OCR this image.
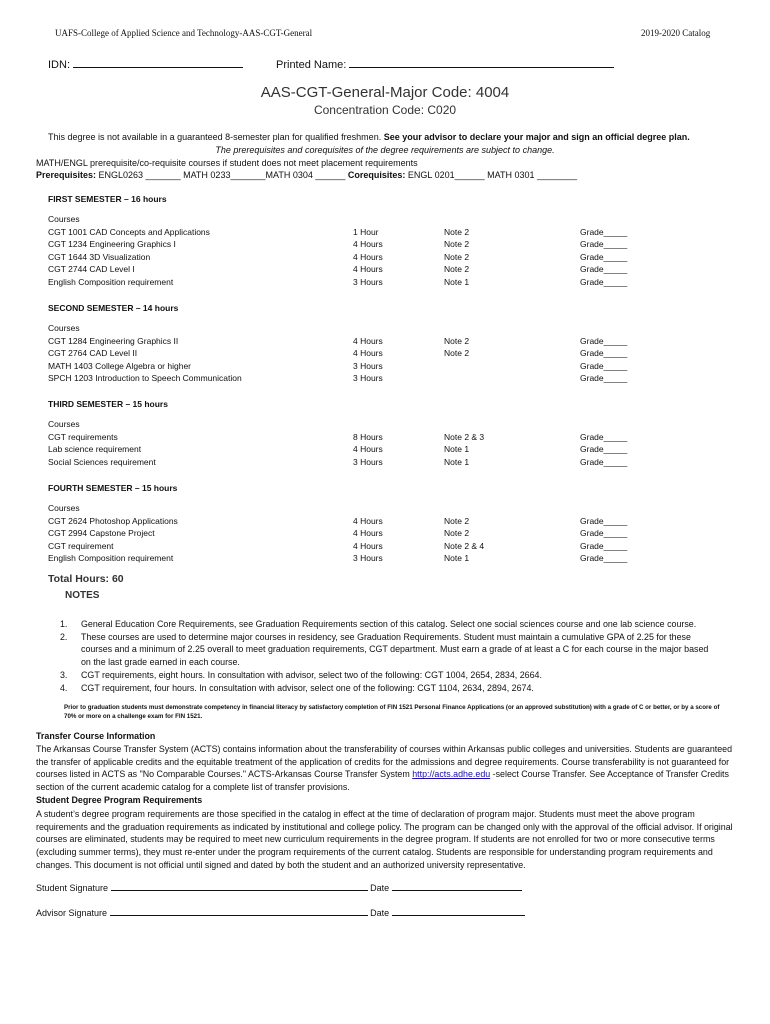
UAFS-College of Applied Science and Technology-AAS-CGT-General	2019-2020 Catalog
IDN:	Printed Name:
AAS-CGT-General-Major Code: 4004
Concentration Code: C020
This degree is not available in a guaranteed 8-semester plan for qualified freshmen. See your advisor to declare your major and sign an official degree plan.
The prerequisites and corequisites of the degree requirements are subject to change.
MATH/ENGL prerequisite/co-requisite courses if student does not meet placement requirements
Prerequisites: ENGL0263 _______ MATH 0233_______MATH 0304 ______ Corequisites: ENGL 0201______ MATH 0301 ________
FIRST SEMESTER – 16 hours
Courses
CGT 1001 CAD Concepts and Applications	1 Hour	Note 2	Grade_____
CGT 1234 Engineering Graphics I	4 Hours	Note 2	Grade_____
CGT 1644 3D Visualization	4 Hours	Note 2	Grade_____
CGT 2744 CAD Level I	4 Hours	Note 2	Grade_____
English Composition requirement	3 Hours	Note 1	Grade_____
SECOND SEMESTER – 14 hours
Courses
CGT 1284 Engineering Graphics II	4 Hours	Note 2	Grade_____
CGT 2764 CAD Level II	4 Hours	Note 2	Grade_____
MATH 1403 College Algebra or higher	3 Hours	Grade_____
SPCH 1203 Introduction to Speech Communication	3 Hours	Grade_____
THIRD SEMESTER – 15 hours
Courses
CGT requirements	8 Hours	Note 2 & 3	Grade_____
Lab science requirement	4 Hours	Note 1	Grade_____
Social Sciences requirement	3 Hours	Note 1	Grade_____
FOURTH SEMESTER – 15 hours
Courses
CGT 2624 Photoshop Applications	4 Hours	Note 2	Grade_____
CGT 2994 Capstone Project	4 Hours	Note 2	Grade_____
CGT requirement	4 Hours	Note 2 & 4	Grade_____
English Composition requirement	3 Hours	Note 1	Grade_____
Total Hours: 60
NOTES
1.	General Education Core Requirements, see Graduation Requirements section of this catalog. Select one social sciences course and one lab science course.
2.	These courses are used to determine major courses in residency, see Graduation Requirements. Student must maintain a cumulative GPA of 2.25 for these courses and a minimum of 2.25 overall to meet graduation requirements, CGT department. Must earn a grade of at least a C for each course in the major based on the last grade earned in each course.
3.	CGT requirements, eight hours. In consultation with advisor, select two of the following: CGT 1004, 2654, 2834, 2664.
4.	CGT requirement, four hours. In consultation with advisor, select one of the following: CGT 1104, 2634, 2894, 2674.
Prior to graduation students must demonstrate competency in financial literacy by satisfactory completion of FIN 1521 Personal Finance Applications (or an approved substitution) with a grade of C or better, or by a score of 70% or more on a challenge exam for FIN 1521.
Transfer Course Information
The Arkansas Course Transfer System (ACTS) contains information about the transferability of courses within Arkansas public colleges and universities. Students are guaranteed the transfer of applicable credits and the equitable treatment of the application of credits for the admissions and degree requirements. Course transferability is not guaranteed for courses listed in ACTS as "No Comparable Courses." ACTS-Arkansas Course Transfer System http://acts.adhe.edu -select Course Transfer. See Acceptance of Transfer Credits section of the current academic catalog for a complete list of transfer provisions.
Student Degree Program Requirements
A student’s degree program requirements are those specified in the catalog in effect at the time of declaration of program major. Students must meet the above program requirements and the graduation requirements as indicated by institutional and college policy. The program can be changed only with the approval of the official advisor. If original courses are eliminated, students may be required to meet new curriculum requirements in the degree program. If students are not enrolled for two or more consecutive terms (excluding summer terms), they must re-enter under the program requirements of the current catalog. Students are responsible for understanding program requirements and changes. This document is not official until signed and dated by both the student and an authorized university representative.
Student Signature	Date
Advisor Signature	Date
